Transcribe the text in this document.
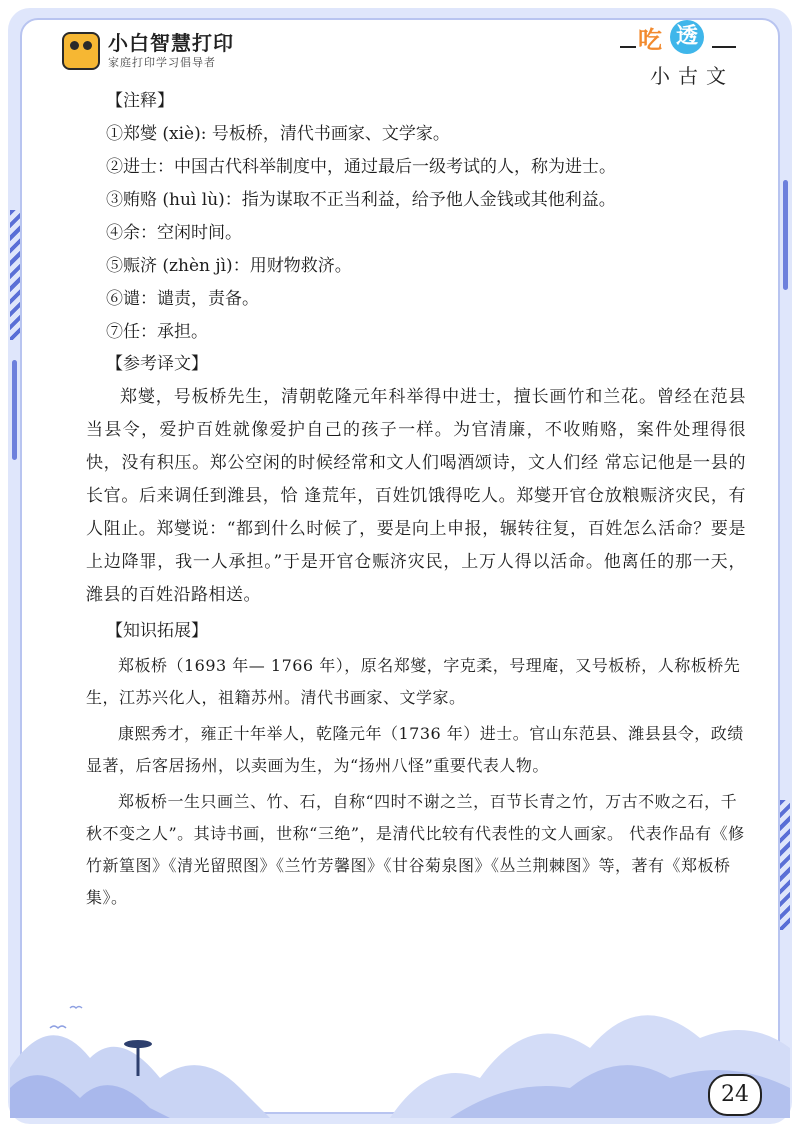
小白智慧打印
家庭打印学习倡导者
吃 透
小古文
【注释】
①郑燮 (xiè): 号板桥，清代书画家、文学家。
②进士：中国古代科举制度中，通过最后一级考试的人，称为进士。
③贿赂 (huì lù)：指为谋取不正当利益，给予他人金钱或其他利益。
④余：空闲时间。
⑤赈济 (zhèn jì)：用财物救济。
⑥谴：谴责，责备。
⑦任：承担。
【参考译文】

郑燮，号板桥先生，清朝乾隆元年科举得中进士，擅长画竹和兰花。曾经在范县当县令，爱护百姓就像爱护自己的孩子一样。为官清廉，不收贿赂，案件处理得很快，没有积压。郑公空闲的时候经常和文人们喝酒颂诗，文人们经 常忘记他是一县的长官。后来调任到潍县，恰 逢荒年，百姓饥饿得吃人。郑燮开官仓放粮赈济灾民，有人阻止。郑燮说：“都到什么时候了，要是向上申报，辗转往复，百姓怎么活命？要是上边降罪，我一人承担。”于是开官仓赈济灾民，上万人得以活命。他离任的那一天，潍县的百姓沿路相送。

【知识拓展】

郑板桥（1693 年— 1766 年），原名郑燮，字克柔，号理庵，又号板桥，人称板桥先生，江苏兴化人，祖籍苏州。清代书画家、文学家。

康熙秀才，雍正十年举人，乾隆元年（1736 年）进士。官山东范县、潍县县令，政绩显著，后客居扬州，以卖画为生，为“扬州八怪”重要代表人物。

郑板桥一生只画兰、竹、石，自称“四时不谢之兰，百节长青之竹，万古不败之石，千秋不变之人”。其诗书画，世称“三绝”，是清代比较有代表性的文人画家。 代表作品有《修竹新篁图》《清光留照图》《兰竹芳馨图》《甘谷菊泉图》《丛兰荆棘图》等，著有《郑板桥集》。

24
